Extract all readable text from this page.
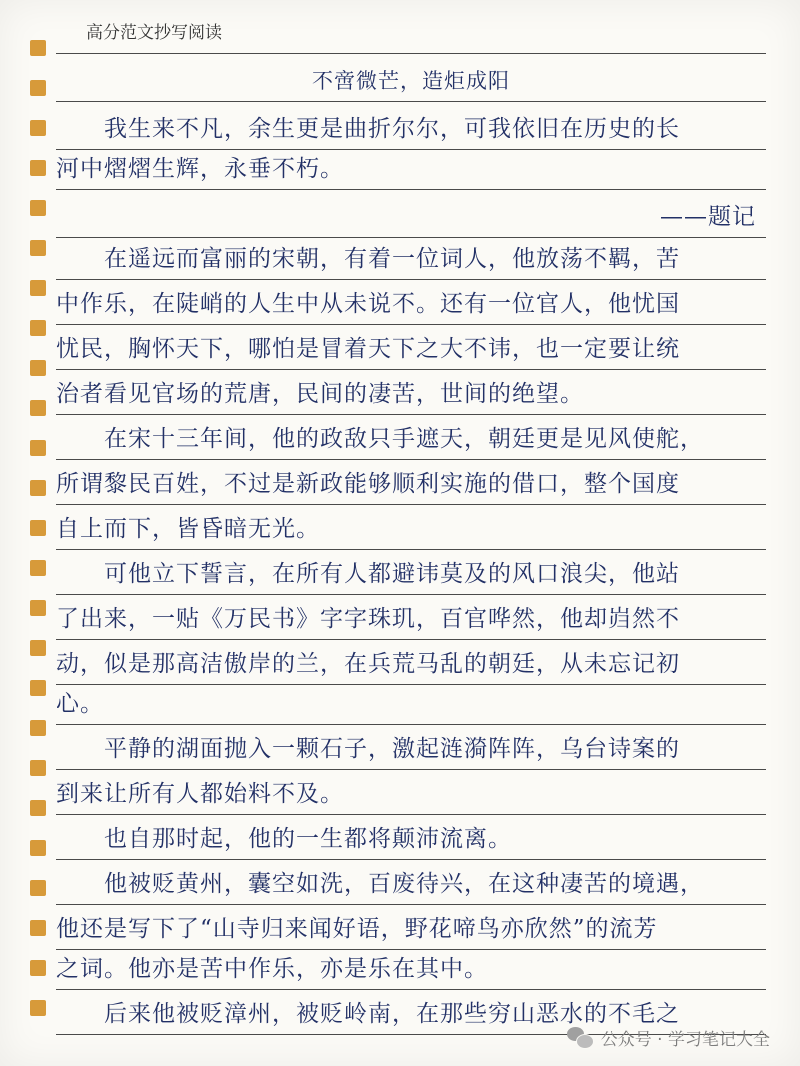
高分范文抄写阅读
不啻微芒，造炬成阳
我生来不凡，余生更是曲折尔尔，可我依旧在历史的长
河中熠熠生辉，永垂不朽。
——题记
在遥远而富丽的宋朝，有着一位词人，他放荡不羁，苦
中作乐，在陡峭的人生中从未说不。还有一位官人，他忧国
忧民，胸怀天下，哪怕是冒着天下之大不讳，也一定要让统
治者看见官场的荒唐，民间的凄苦，世间的绝望。
在宋十三年间，他的政敌只手遮天，朝廷更是见风使舵，
所谓黎民百姓，不过是新政能够顺利实施的借口，整个国度
自上而下，皆昏暗无光。
可他立下誓言，在所有人都避讳莫及的风口浪尖，他站
了出来，一贴《万民书》字字珠玑，百官哗然，他却岿然不
动，似是那高洁傲岸的兰，在兵荒马乱的朝廷，从未忘记初
心。
平静的湖面抛入一颗石子，激起涟漪阵阵，乌台诗案的
到来让所有人都始料不及。
也自那时起，他的一生都将颠沛流离。
他被贬黄州，囊空如洗，百废待兴，在这种凄苦的境遇，
他还是写下了“山寺归来闻好语，野花啼鸟亦欣然”的流芳
之词。他亦是苦中作乐，亦是乐在其中。
后来他被贬漳州，被贬岭南，在那些穷山恶水的不毛之
公众号 · 学习笔记大全
